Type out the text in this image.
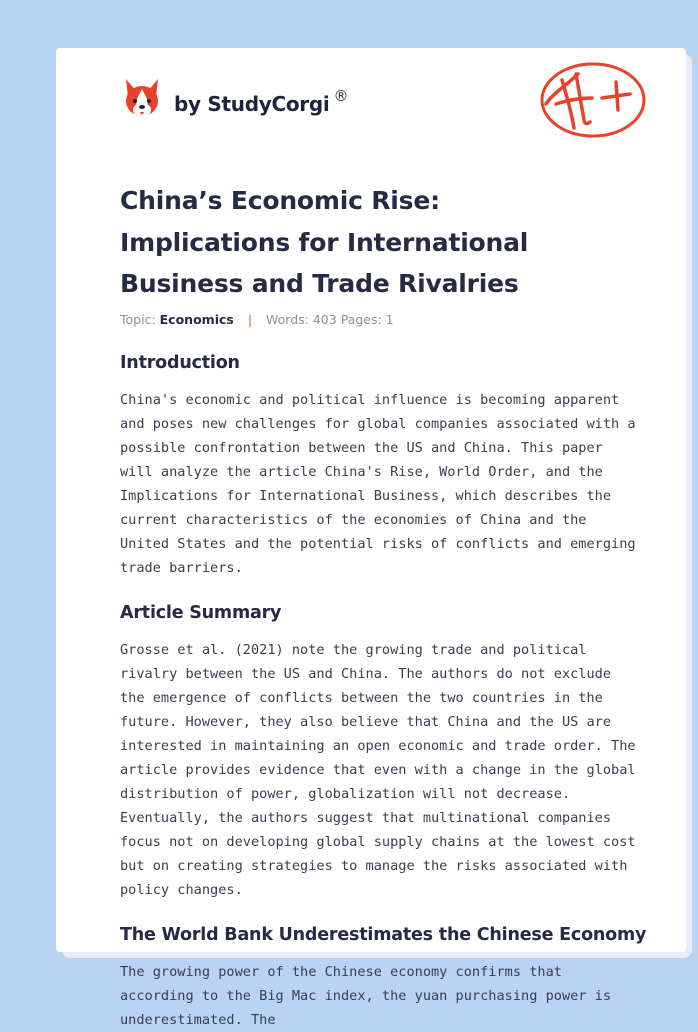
by StudyCorgi ®
China’s Economic Rise: Implications for International Business and Trade Rivalries
Topic: Economics | Words: 403 Pages: 1
Introduction

China's economic and political influence is becoming apparent and poses new challenges for global companies associated with a possible confrontation between the US and China. This paper will analyze the article China's Rise, World Order, and the Implications for International Business, which describes the current characteristics of the economies of China and the United States and the potential risks of conflicts and emerging trade barriers.

Article Summary

Grosse et al. (2021) note the growing trade and political rivalry between the US and China. The authors do not exclude the emergence of conflicts between the two countries in the future. However, they also believe that China and the US are interested in maintaining an open economic and trade order. The article provides evidence that even with a change in the global distribution of power, globalization will not decrease. Eventually, the authors suggest that multinational companies focus not on developing global supply chains at the lowest cost but on creating strategies to manage the risks associated with policy changes.

The World Bank Underestimates the Chinese Economy

The growing power of the Chinese economy confirms that according to the Big Mac index, the yuan purchasing power is underestimated. The
